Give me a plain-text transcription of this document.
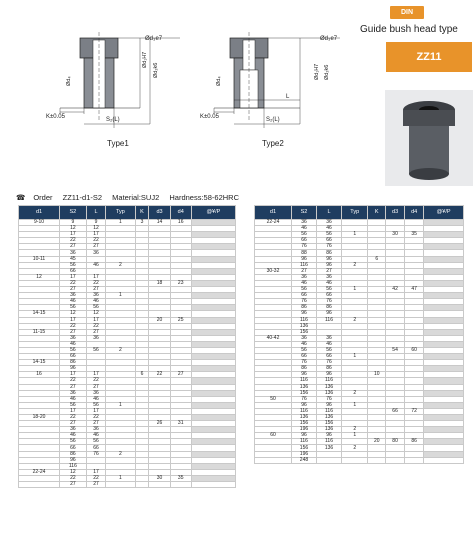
Ød₃e7
Ød₁H7
Ød₂k6
Ød₄
K±0.05	S₂(L)
Type1
Ød₃e7
Ød₁H7 Ød₂k6
Ød₄
K±0.05
L
S₂(L)
Type2
DIN
Guide bush head type
ZZ11
☎ Order ZZ11-d1-S2 Material:SUJ2 Hardness:58-62HRC
d1	S2	L	Typ	K	d3	d4	@¥/P
9-10	9	9	1	3	14	16	
	12	12					
	17	17					
	22	22					
	27	27					
	36	36					
10-11	45						
	56	46	2				
	66						
12	17	17					
	22	22			18	23	
	27	27					
	36	36	1				
	46	46					
	56	56					
14-15	12	12					
	17	17			20	25	
	22	22					
11-15	27	27					
	36	36					
	46						
	56	56	2				
	66						
14-15	86						
	96						
16	17	17		6	22	27	
	22	22					
	27	27					
	36	36					
	46	46					
	56	56	1				
	17	17					
18-20	22	22					
	27	27			26	31	
	36	36					
	46	46					
	56	56					
	66	66					
	86	76	2				
	96						
	116						
22-24	12	17					
	22	22	1		30	35	
	27	27					
d1	S2	L	Typ	K	d3	d4	@¥/P
22-24	36	36					
	46	46					
	56	56	1		30	35	
	66	66					
	76	76					
	88	86					
	96	96		6			
	116	96	2				
30-32	27	27					
	36	36					
	46	46					
	56	56	1		42	47	
	66	66					
	76	76					
	86	86					
	96	96					
	116	116	2				
	136						
	156						
40-42	36	36					
	46	46					
	56	56			54	60	
	66	66	1				
	76	76					
	86	86					
	96	96		10			
	116	116					
	136	136					
	156	136	2				
50	76	76					
	96	96	1				
	116	116			66	72	
	136	136					
	156	156					
	196	136	2				
60	96	96	1				
	116	116		20	80	86	
	156	136	2				
	196						
	248						
